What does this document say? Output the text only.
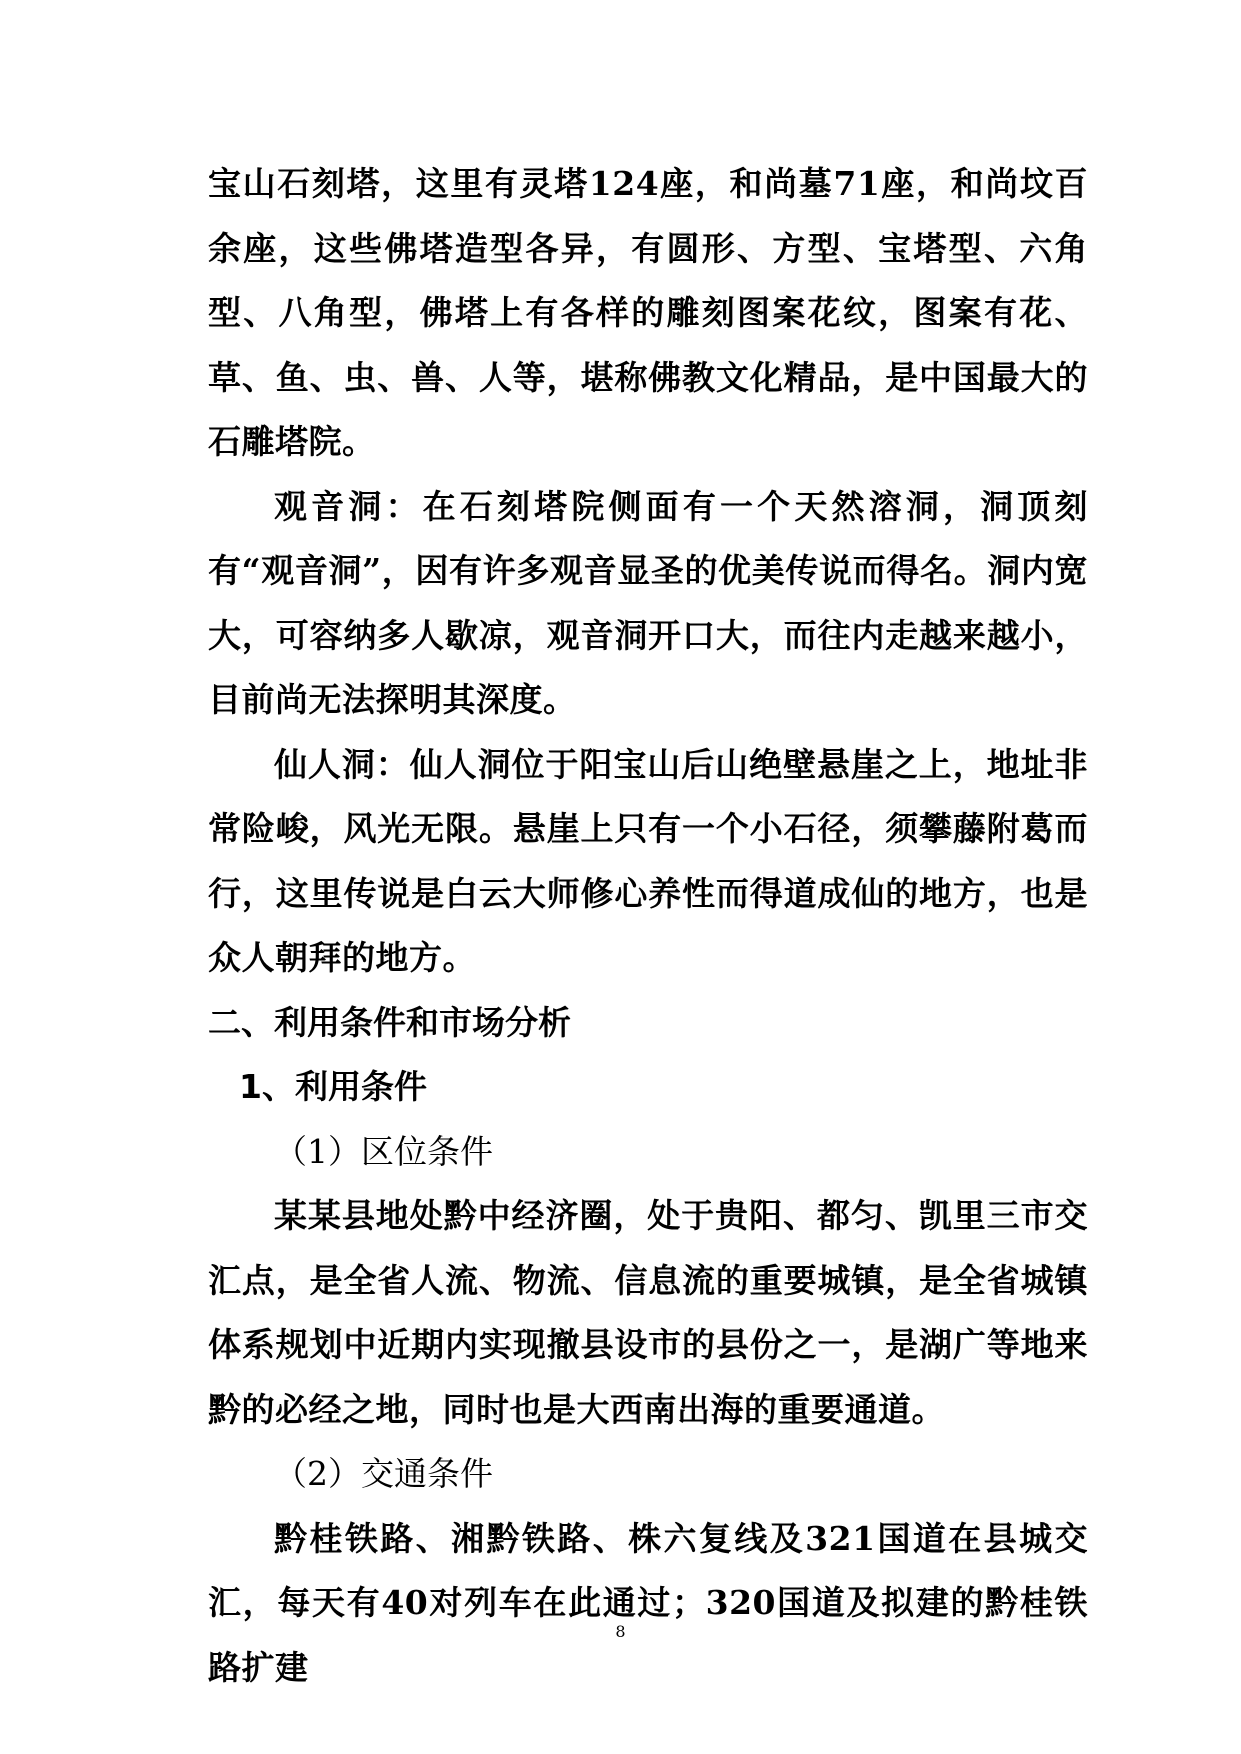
宝山石刻塔，这里有灵塔124座，和尚墓71座，和尚坟百余座，这些佛塔造型各异，有圆形、方型、宝塔型、六角型、八角型，佛塔上有各样的雕刻图案花纹，图案有花、草、鱼、虫、兽、人等，堪称佛教文化精品，是中国最大的石雕塔院。

观音洞：在石刻塔院侧面有一个天然溶洞，洞顶刻有“观音洞”，因有许多观音显圣的优美传说而得名。洞内宽大，可容纳多人歇凉，观音洞开口大，而往内走越来越小，目前尚无法探明其深度。

仙人洞：仙人洞位于阳宝山后山绝壁悬崖之上，地址非常险峻，风光无限。悬崖上只有一个小石径，须攀藤附葛而行，这里传说是白云大师修心养性而得道成仙的地方，也是众人朝拜的地方。

二、利用条件和市场分析

1、利用条件

（1）区位条件

某某县地处黔中经济圈，处于贵阳、都匀、凯里三市交汇点，是全省人流、物流、信息流的重要城镇，是全省城镇体系规划中近期内实现撤县设市的县份之一，是湖广等地来黔的必经之地，同时也是大西南出海的重要通道。

（2）交通条件

黔桂铁路、湘黔铁路、株六复线及321国道在县城交汇，每天有40对列车在此通过；320国道及拟建的黔桂铁路扩建

8
